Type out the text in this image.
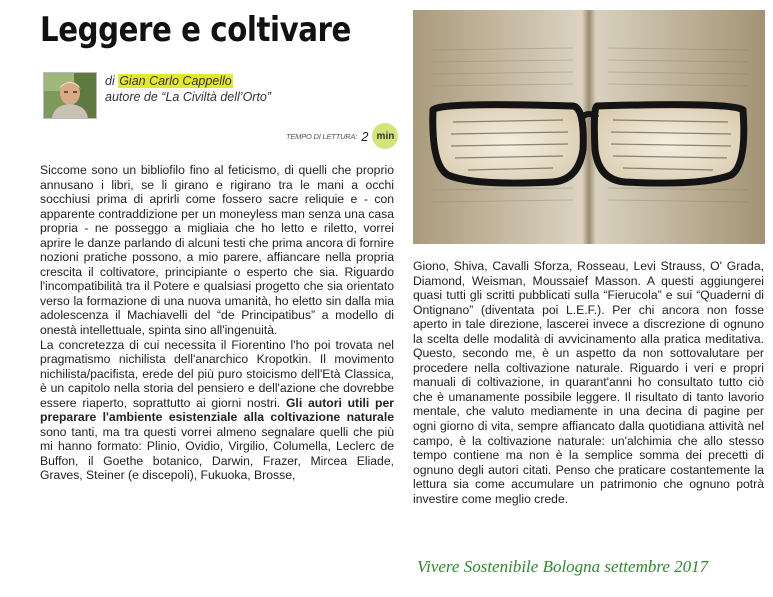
Leggere e coltivare
di Gian Carlo Cappello
autore de “La Civiltà dell’Orto”
TEMPO DI LETTURA: 2 min

Siccome sono un bibliofilo fino al feticismo, di quelli che proprio annusano i libri, se li girano e rigirano tra le mani a occhi socchiusi prima di aprirli come fossero sacre reliquie e - con apparente contraddizione per un moneyless man senza una casa propria - ne posseggo a migliaia che ho letto e riletto, vorrei aprire le danze parlando di alcuni testi che prima ancora di fornire nozioni pratiche possono, a mio parere, affiancare nella propria crescita il coltivatore, principiante o esperto che sia. Riguardo l'incompatibilità tra il Potere e qualsiasi progetto che sia orientato verso la formazione di una nuova umanità, ho eletto sin dalla mia adolescenza il Machiavelli del “de Principatibus” a modello di onestà intellettuale, spinta sino all'ingenuità.

La concretezza di cui necessita il Fiorentino l'ho poi trovata nel pragmatismo nichilista dell'anarchico Kropotkin. Il movimento nichilista/pacifista, erede del più puro stoicismo dell'Età Classica, è un capitolo nella storia del pensiero e dell'azione che dovrebbe essere riaperto, soprattutto ai giorni nostri. Gli autori utili per preparare l'ambiente esistenziale alla coltivazione naturale sono tanti, ma tra questi vorrei almeno segnalare quelli che più mi hanno formato: Plinio, Ovidio, Virgilio, Columella, Leclerc de Buffon, il Goethe botanico, Darwin, Frazer, Mircea Eliade, Graves, Steiner (e discepoli), Fukuoka, Brosse,

Giono, Shiva, Cavalli Sforza, Rosseau, Levi Strauss, O' Grada, Diamond, Weisman, Moussaief Masson. A questi aggiungerei quasi tutti gli scritti pubblicati sulla “Fierucola” e sui “Quaderni di Ontignano” (diventata poi L.E.F.). Per chi ancora non fosse aperto in tale direzione, lascerei invece a discrezione di ognuno la scelta delle modalità di avvicinamento alla pratica meditativa. Questo, secondo me, è un aspetto da non sottovalutare per procedere nella coltivazione naturale. Riguardo i veri e propri manuali di coltivazione, in quarant'anni ho consultato tutto ciò che è umanamente possibile leggere. Il risultato di tanto lavorio mentale, che valuto mediamente in una decina di pagine per ogni giorno di vita, sempre affiancato dalla quotidiana attività nel campo, è la coltivazione naturale: un'alchimia che allo stesso tempo contiene ma non è la semplice somma dei precetti di ognuno degli autori citati. Penso che praticare costantemente la lettura sia come accumulare un patrimonio che ognuno potrà investire come meglio crede.

Vivere Sostenibile Bologna settembre 2017
